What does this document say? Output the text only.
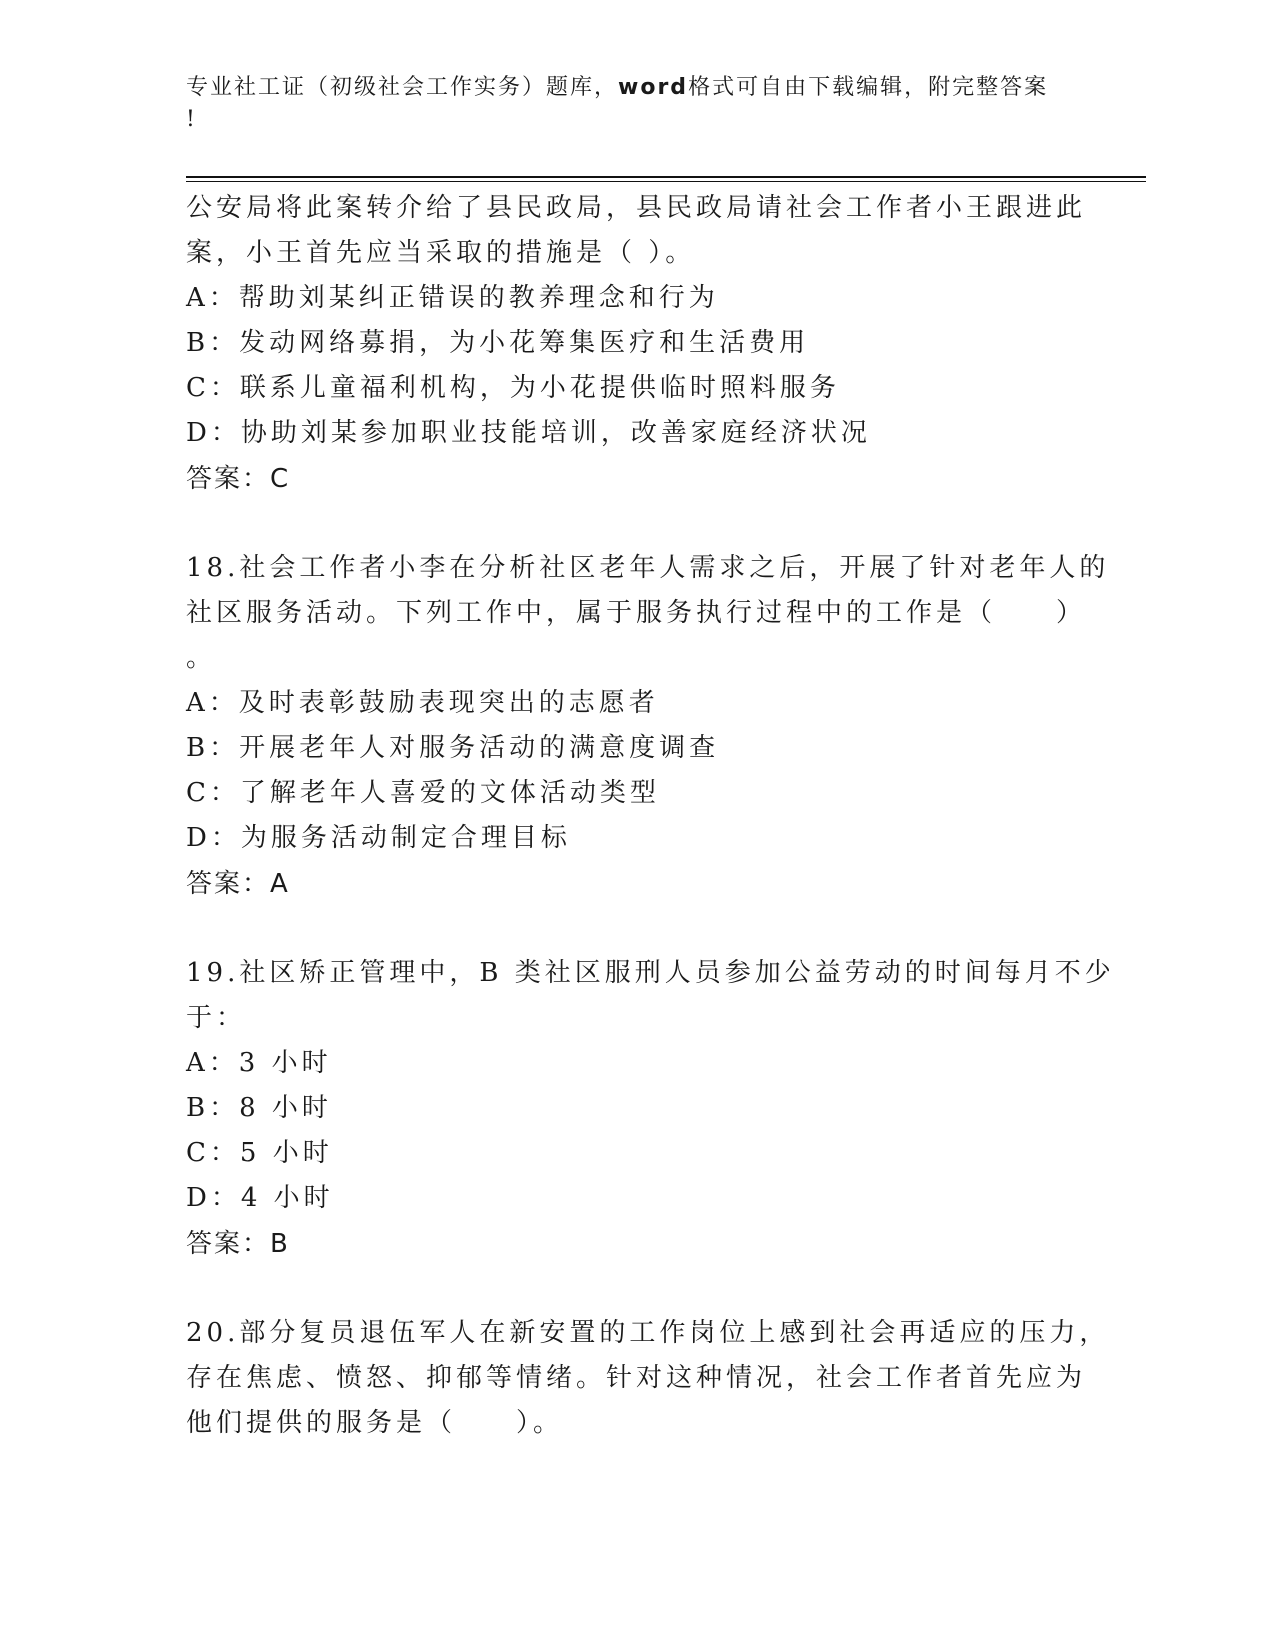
专业社工证（初级社会工作实务）题库，word格式可自由下载编辑，附完整答案
!
公安局将此案转介给了县民政局，县民政局请社会工作者小王跟进此
案，小王首先应当采取的措施是（ ）。
A：帮助刘某纠正错误的教养理念和行为
B：发动网络募捐，为小花筹集医疗和生活费用
C：联系儿童福利机构，为小花提供临时照料服务
D：协助刘某参加职业技能培训，改善家庭经济状况
答案：C
18.社会工作者小李在分析社区老年人需求之后，开展了针对老年人的
社区服务活动。下列工作中，属于服务执行过程中的工作是（　　）
。
A：及时表彰鼓励表现突出的志愿者
B：开展老年人对服务活动的满意度调查
C：了解老年人喜爱的文体活动类型
D：为服务活动制定合理目标
答案：A
19.社区矫正管理中，B 类社区服刑人员参加公益劳动的时间每月不少
于：
A：3 小时
B：8 小时
C：5 小时
D：4 小时
答案：B
20.部分复员退伍军人在新安置的工作岗位上感到社会再适应的压力，
存在焦虑、愤怒、抑郁等情绪。针对这种情况，社会工作者首先应为
他们提供的服务是（　　）。
